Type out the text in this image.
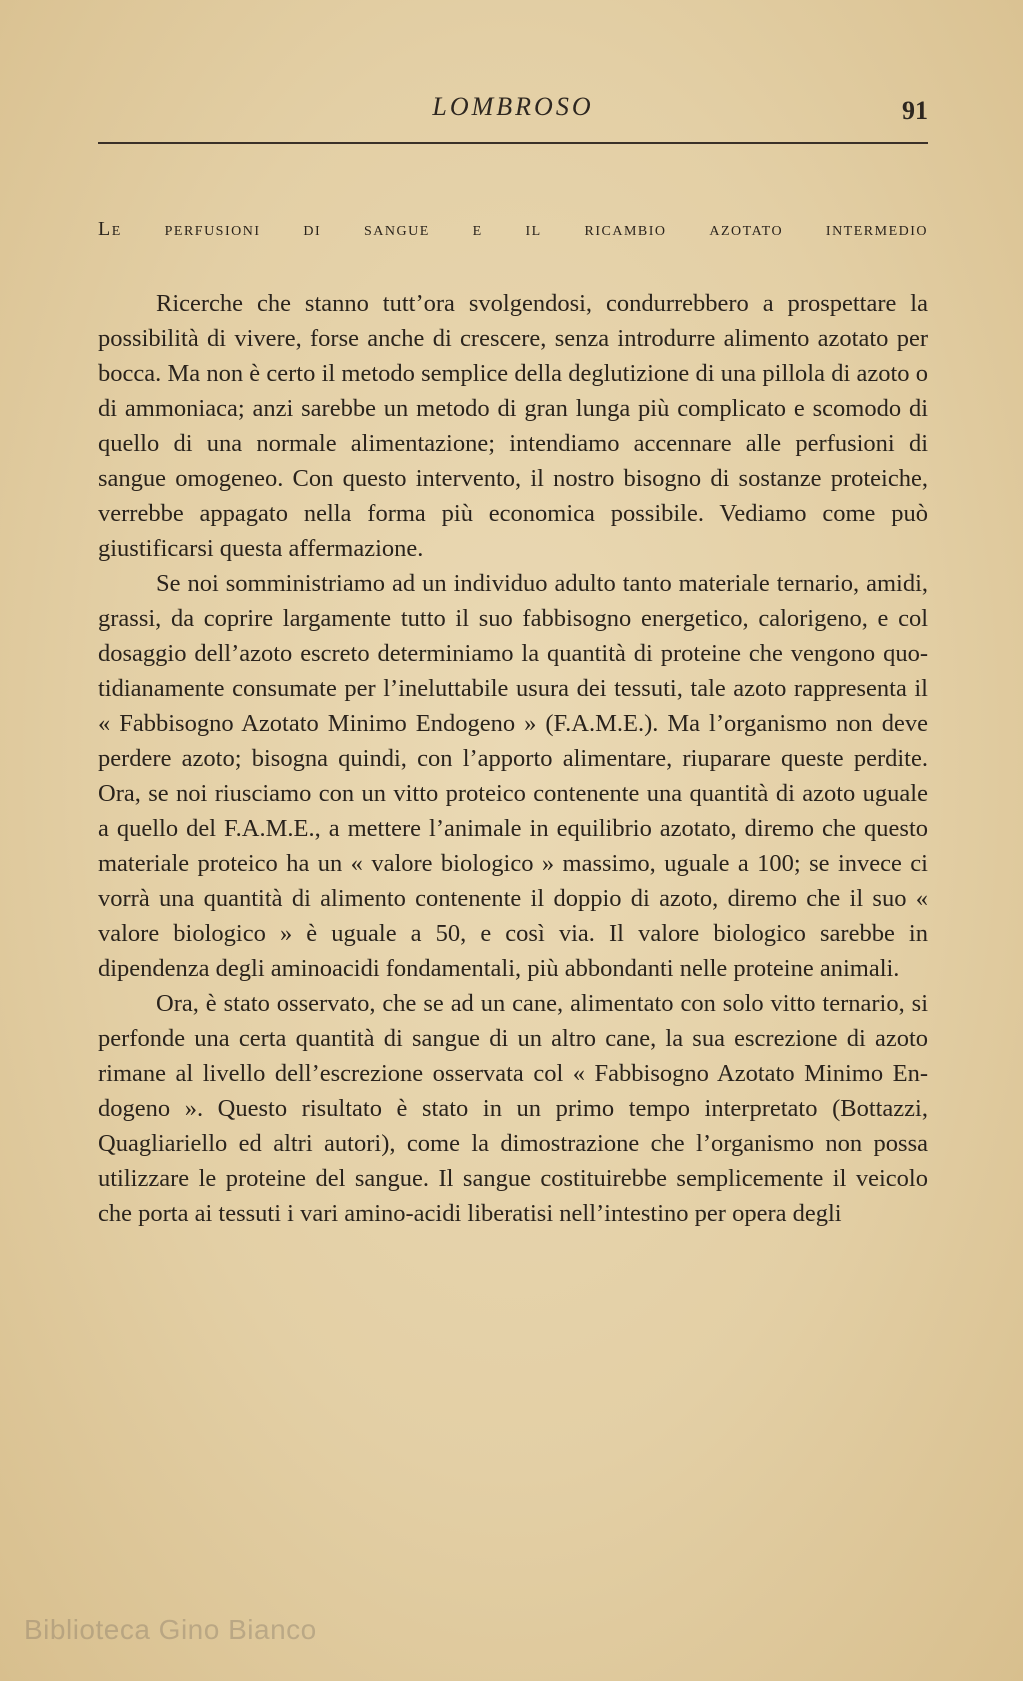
LOMBROSO	91
Le perfusioni di sangue e il ricambio azotato intermedio

Ricerche che stanno tutt’ora svolgendosi, condurrebbero a prospettare la possibilità di vivere, forse anche di crescere, senza introdurre alimento azotato per bocca. Ma non è certo il metodo semplice della deglutizione di una pillola di azoto o di ammoniaca; anzi sarebbe un metodo di gran lunga più complicato e scomodo di quello di una normale alimentazione; intendiamo accennare alle perfusioni di sangue omogeneo. Con questo intervento, il nostro bisogno di sostanze proteiche, verrebbe appagato nella forma più economica possibile. Vediamo come può giustificarsi questa affermazione.

Se noi somministriamo ad un individuo adulto tanto materiale ternario, amidi, grassi, da coprire largamente tutto il suo fabbisogno energetico, calorigeno, e col dosaggio dell’azoto escreto determiniamo la quantità di proteine che vengono quotidianamente consumate per l’ineluttabile usura dei tessuti, tale azoto rappresenta il « Fabbisogno Azotato Minimo Endogeno » (F.A.M.E.). Ma l’organismo non deve perdere azoto; bisogna quindi, con l’apporto alimentare, riuparare queste perdite. Ora, se noi riusciamo con un vitto proteico contenente una quantità di azoto uguale a quello del F.A.M.E., a mettere l’animale in equilibrio azotato, diremo che questo materiale proteico ha un « valore biologico » massimo, uguale a 100; se invece ci vorrà una quantità di alimento contenente il doppio di azoto, diremo che il suo « valore biologico » è uguale a 50, e così via. Il valore biologico sarebbe in dipendenza degli aminoacidi fondamentali, più abbondanti nelle proteine animali.

Ora, è stato osservato, che se ad un cane, alimentato con solo vitto ternario, si perfonde una certa quantità di sangue di un altro cane, la sua escrezione di azoto rimane al livello dell’escrezione osservata col « Fabbisogno Azotato Minimo Endogeno ». Questo risultato è stato in un primo tempo interpretato (Bottazzi, Quagliariello ed altri autori), come la dimostrazione che l’organismo non possa utilizzare le proteine del sangue. Il sangue costituirebbe semplicemente il veicolo che porta ai tessuti i vari amino-acidi liberatisi nell’intestino per opera degli

Biblioteca Gino Bianco
